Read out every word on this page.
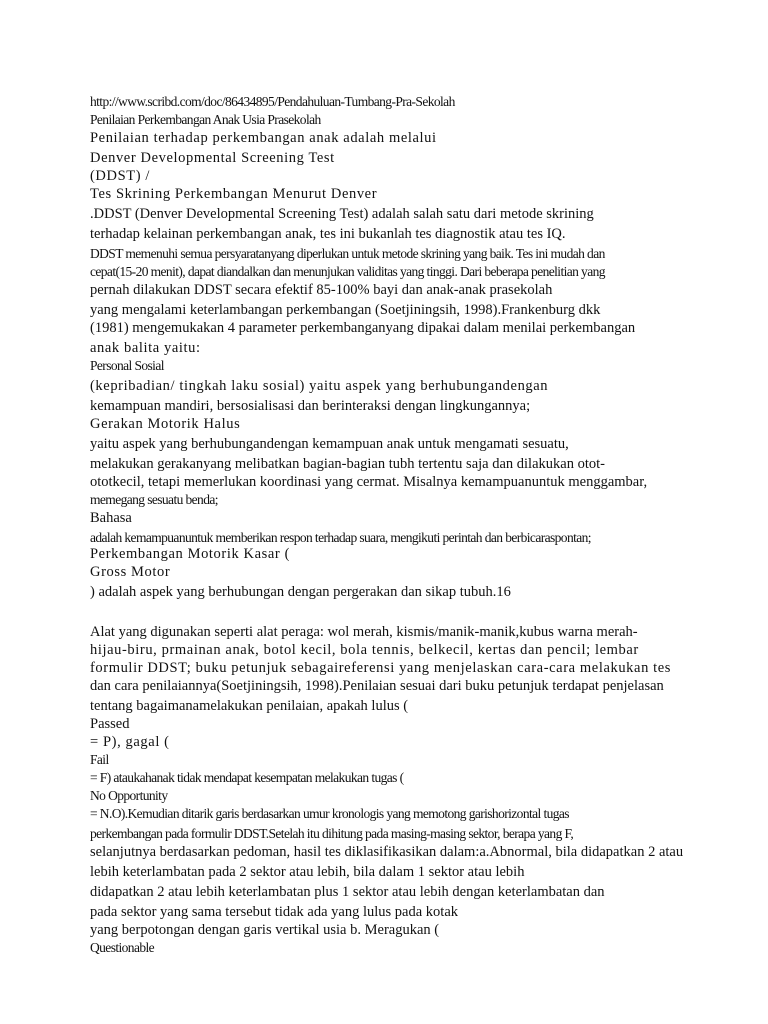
http://www.scribd.com/doc/86434895/Pendahuluan-Tumbang-Pra-Sekolah
Penilaian Perkembangan Anak Usia Prasekolah
Penilaian terhadap perkembangan anak adalah melalui
Denver Developmental Screening Test
(DDST) /
Tes Skrining Perkembangan Menurut Denver
.DDST (Denver Developmental Screening Test) adalah salah satu dari metode skrining
terhadap kelainan perkembangan anak, tes ini bukanlah tes diagnostik atau tes IQ.
DDST memenuhi semua persyaratanyang diperlukan untuk metode skrining yang baik. Tes ini mudah dan
cepat(15-20 menit), dapat diandalkan dan menunjukan validitas yang tinggi. Dari beberapa penelitian yang
pernah dilakukan DDST secara efektif 85-100% bayi dan anak-anak prasekolah
yang mengalami keterlambangan perkembangan (Soetjiningsih, 1998).Frankenburg dkk
(1981) mengemukakan 4 parameter perkembanganyang dipakai dalam menilai perkembangan
anak balita yaitu:
Personal Sosial
(kepribadian/ tingkah laku sosial) yaitu aspek yang berhubungandengan
kemampuan mandiri, bersosialisasi dan berinteraksi dengan lingkungannya;
Gerakan Motorik Halus
yaitu aspek yang berhubungandengan kemampuan anak untuk mengamati sesuatu,
melakukan gerakanyang melibatkan bagian-bagian tubh tertentu saja dan dilakukan otot-
ototkecil, tetapi memerlukan koordinasi yang cermat. Misalnya kemampuanuntuk menggambar,
memegang sesuatu benda;
Bahasa
adalah kemampuanuntuk memberikan respon terhadap suara, mengikuti perintah dan berbicaraspontan;
Perkembangan Motorik Kasar (
Gross Motor
) adalah aspek yang berhubungan dengan pergerakan dan sikap tubuh.16
Alat yang digunakan seperti alat peraga: wol merah, kismis/manik-manik,kubus warna merah-
hijau-biru, prmainan anak, botol kecil, bola tennis, belkecil, kertas dan pencil; lembar
formulir DDST; buku petunjuk sebagaireferensi yang menjelaskan cara-cara melakukan tes
dan cara penilaiannya(Soetjiningsih, 1998).Penilaian sesuai dari buku petunjuk terdapat penjelasan
tentang bagaimanamelakukan penilaian, apakah lulus (
Passed
= P), gagal (
Fail
= F) ataukahanak tidak mendapat kesempatan melakukan tugas (
No Opportunity
= N.O).Kemudian ditarik garis berdasarkan umur kronologis yang memotong garishorizontal tugas
perkembangan pada formulir DDST.Setelah itu dihitung pada masing-masing sektor, berapa yang F,
selanjutnya berdasarkan pedoman, hasil tes diklasifikasikan dalam:a.Abnormal, bila didapatkan 2 atau
lebih keterlambatan pada 2 sektor atau lebih, bila dalam 1 sektor atau lebih
didapatkan 2 atau lebih keterlambatan plus 1 sektor atau lebih dengan keterlambatan dan
pada sektor yang sama tersebut tidak ada yang lulus pada kotak
yang berpotongan dengan garis vertikal usia b. Meragukan (
Questionable
